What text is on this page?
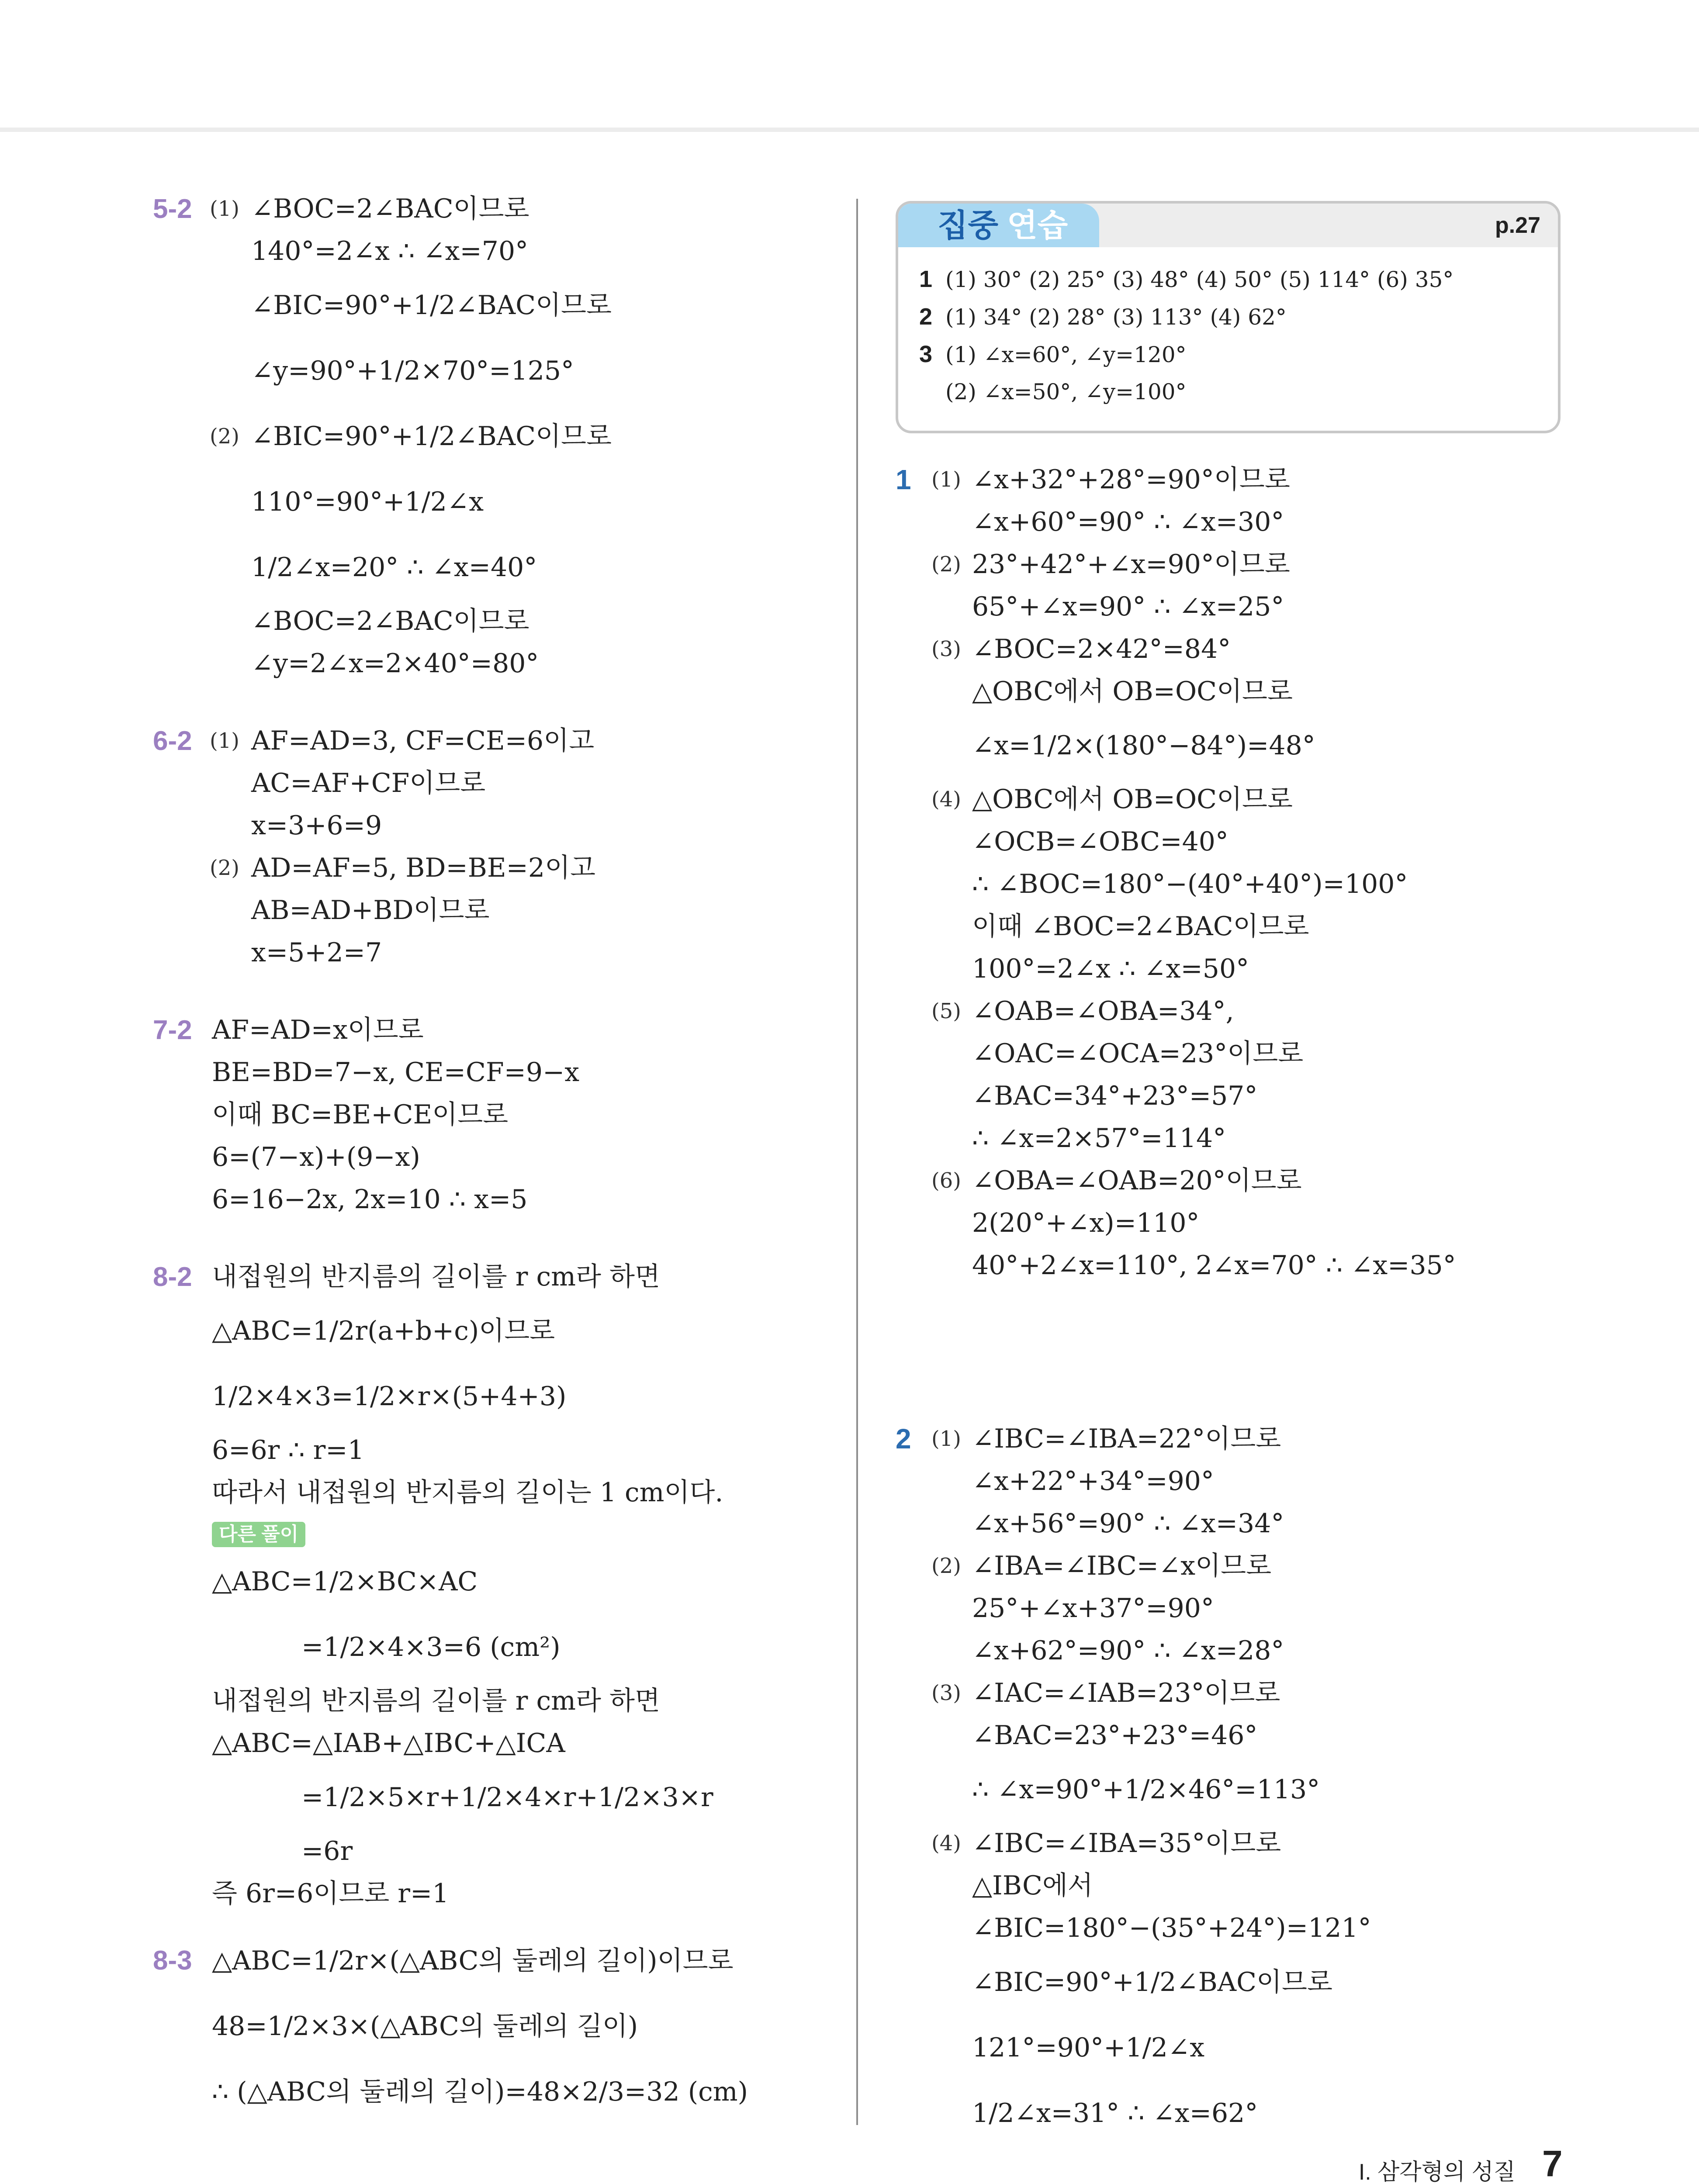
5-2 (1) ∠BOC=2∠BAC이므로
140°=2∠x ∴ ∠x=70°
∠BIC=90°+1/2∠BAC이므로
∠y=90°+1/2×70°=125°
(2) ∠BIC=90°+1/2∠BAC이므로
110°=90°+1/2∠x
1/2∠x=20° ∴ ∠x=40°
∠BOC=2∠BAC이므로
∠y=2∠x=2×40°=80°
6-2 (1) AF=AD=3, CF=CE=6이고
AC=AF+CF이므로
x=3+6=9
(2) AD=AF=5, BD=BE=2이고
AB=AD+BD이므로
x=5+2=7
7-2 AF=AD=x이므로
BE=BD=7−x, CE=CF=9−x
이때 BC=BE+CE이므로
6=(7−x)+(9−x)
6=16−2x, 2x=10 ∴ x=5
8-2 내접원의 반지름의 길이를 r cm라 하면
△ABC=1/2r(a+b+c)이므로
1/2×4×3=1/2×r×(5+4+3)
6=6r ∴ r=1
따라서 내접원의 반지름의 길이는 1 cm이다.
다른 풀이
△ABC=1/2×BC×AC
=1/2×4×3=6 (cm²)
내접원의 반지름의 길이를 r cm라 하면
△ABC=△IAB+△IBC+△ICA
=1/2×5×r+1/2×4×r+1/2×3×r
=6r
즉 6r=6이므로 r=1
8-3 △ABC=1/2r×(△ABC의 둘레의 길이)이므로
48=1/2×3×(△ABC의 둘레의 길이)
∴ (△ABC의 둘레의 길이)=48×2/3=32 (cm)
집중 연습	p.27
1 (1) 30° (2) 25° (3) 48° (4) 50° (5) 114° (6) 35°
2 (1) 34° (2) 28° (3) 113° (4) 62°
3 (1) ∠x=60°, ∠y=120°
(2) ∠x=50°, ∠y=100°
1 (1) ∠x+32°+28°=90°이므로
∠x+60°=90° ∴ ∠x=30°
(2) 23°+42°+∠x=90°이므로
65°+∠x=90° ∴ ∠x=25°
(3) ∠BOC=2×42°=84°
△OBC에서 OB=OC이므로
∠x=1/2×(180°−84°)=48°
(4) △OBC에서 OB=OC이므로
∠OCB=∠OBC=40°
∴ ∠BOC=180°−(40°+40°)=100°
이때 ∠BOC=2∠BAC이므로
100°=2∠x ∴ ∠x=50°
(5) ∠OAB=∠OBA=34°,
∠OAC=∠OCA=23°이므로
∠BAC=34°+23°=57°
∴ ∠x=2×57°=114°
(6) ∠OBA=∠OAB=20°이므로
2(20°+∠x)=110°
40°+2∠x=110°, 2∠x=70° ∴ ∠x=35°
2 (1) ∠IBC=∠IBA=22°이므로
∠x+22°+34°=90°
∠x+56°=90° ∴ ∠x=34°
(2) ∠IBA=∠IBC=∠x이므로
25°+∠x+37°=90°
∠x+62°=90° ∴ ∠x=28°
(3) ∠IAC=∠IAB=23°이므로
∠BAC=23°+23°=46°
∴ ∠x=90°+1/2×46°=113°
(4) ∠IBC=∠IBA=35°이므로
△IBC에서
∠BIC=180°−(35°+24°)=121°
∠BIC=90°+1/2∠BAC이므로
121°=90°+1/2∠x
1/2∠x=31° ∴ ∠x=62°
I. 삼각형의 성질 7
